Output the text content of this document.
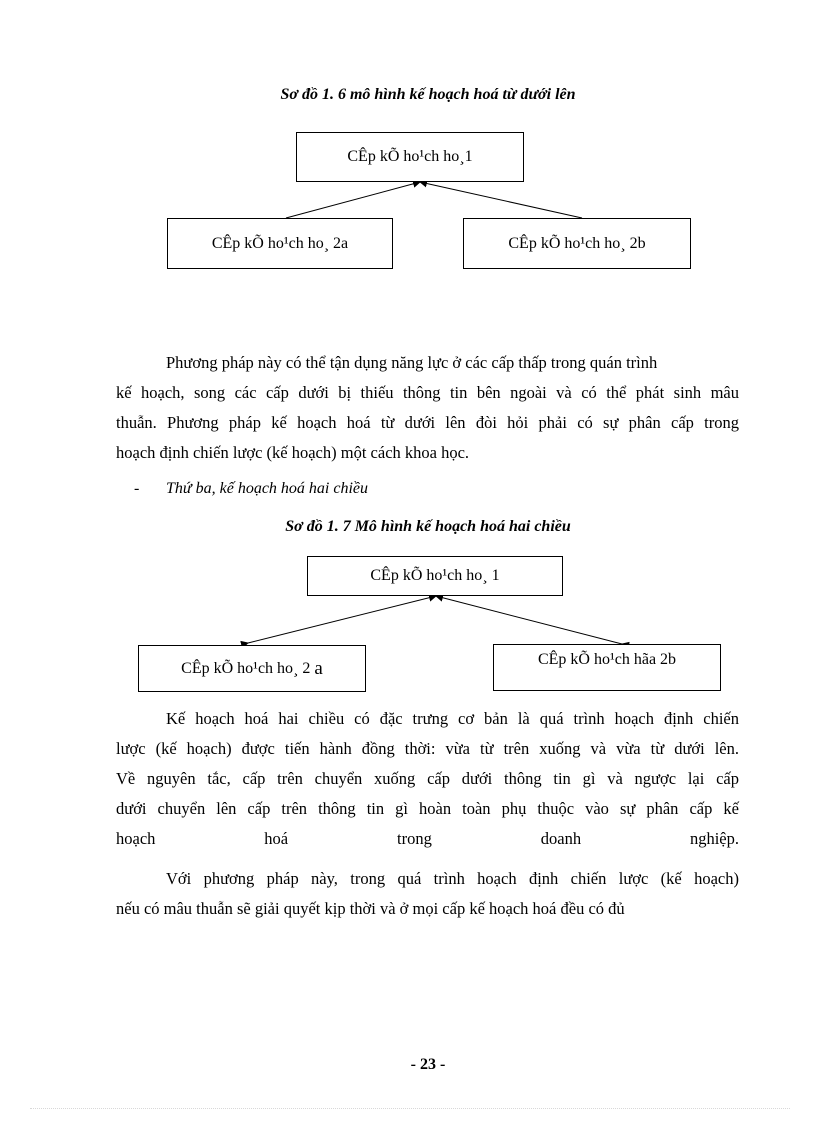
Sơ đồ 1. 6 mô hình kế hoạch hoá từ dưới lên
CÊp kÕ ho¹ch ho¸1
CÊp kÕ ho¹ch ho¸ 2a	CÊp kÕ ho¹ch ho¸ 2b
Phương pháp này có thể tận dụng năng lực ở các cấp thấp trong quán trình
kế hoạch, song các cấp dưới bị thiếu thông tin bên ngoài và có thể phát sinh mâu
thuẫn. Phương pháp kế hoạch hoá từ dưới lên đòi hỏi phải có sự phân cấp trong
hoạch định chiến lược (kế hoạch) một cách khoa học.
- Thứ ba, kế hoạch hoá hai chiều
Sơ đồ 1. 7 Mô hình kế hoạch hoá hai chiều
CÊp kÕ ho¹ch ho¸ 1
CÊp kÕ ho¹ch ho¸ 2 a	CÊp kÕ ho¹ch hãa 2b
Kế hoạch hoá hai chiều có đặc trưng cơ bản là quá trình hoạch định chiến
lược (kế hoạch) được tiến hành đồng thời: vừa từ trên xuống và vừa từ dưới lên.
Về nguyên tắc, cấp trên chuyển xuống cấp dưới thông tin gì và ngược lại cấp
dưới chuyển lên cấp trên thông tin gì hoàn toàn phụ thuộc vào sự phân cấp kế
hoạch hoá trong doanh nghiệp.
Với phương pháp này, trong quá trình hoạch định chiến lược (kế hoạch)
nếu có mâu thuẫn sẽ giải quyết kịp thời và ở mọi cấp kế hoạch hoá đều có đủ
- 23 -
